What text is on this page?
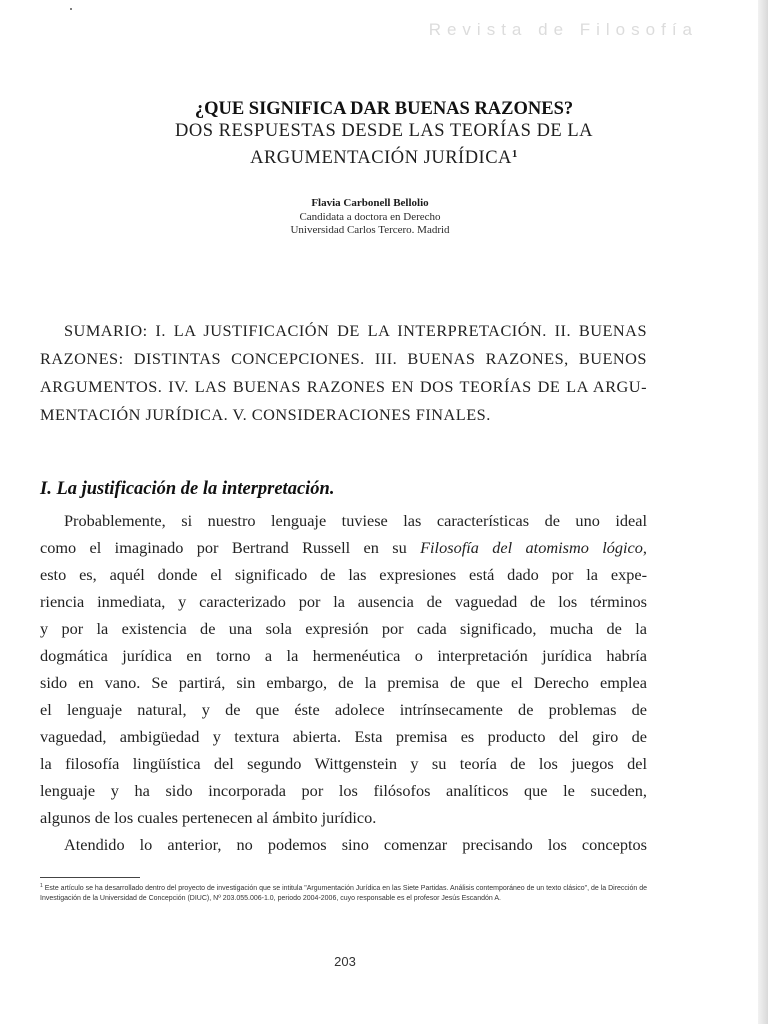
Revista de Filosofía
¿QUE SIGNIFICA DAR BUENAS RAZONES?
DOS RESPUESTAS DESDE LAS TEORÍAS DE LA
ARGUMENTACIÓN JURÍDICA$^1$
Flavia Carbonell Bellolio
Candidata a doctora en Derecho
Universidad Carlos Tercero. Madrid
SUMARIO: I. LA JUSTIFICACIÓN DE LA INTERPRETACIÓN. II. BUENAS
RAZONES: DISTINTAS CONCEPCIONES. III. BUENAS RAZONES, BUENOS
ARGUMENTOS. IV. LAS BUENAS RAZONES EN DOS TEORÍAS DE LA ARGU-
MENTACIÓN JURÍDICA. V. CONSIDERACIONES FINALES.
I. La justificación de la interpretación.
Probablemente, si nuestro lenguaje tuviese las características de uno ideal
como el imaginado por Bertrand Russell en su Filosofía del atomismo lógico,
esto es, aquél donde el significado de las expresiones está dado por la expe-
riencia inmediata, y caracterizado por la ausencia de vaguedad de los términos
y por la existencia de una sola expresión por cada significado, mucha de la
dogmática jurídica en torno a la hermenéutica o interpretación jurídica habría
sido en vano. Se partirá, sin embargo, de la premisa de que el Derecho emplea
el lenguaje natural, y de que éste adolece intrínsecamente de problemas de
vaguedad, ambigüedad y textura abierta. Esta premisa es producto del giro de
la filosofía lingüística del segundo Wittgenstein y su teoría de los juegos del
lenguaje y ha sido incorporada por los filósofos analíticos que le suceden,
algunos de los cuales pertenecen al ámbito jurídico.
Atendido lo anterior, no podemos sino comenzar precisando los conceptos
$^1$ Este artículo se ha desarrollado dentro del proyecto de investigación que se intitula "Argumentación Jurídica en las Siete Partidas. Análisis contemporáneo de un texto clásico", de la Dirección de Investigación de la Universidad de Concepción (DIUC), Nº 203.055.006-1.0, periodo 2004-2006, cuyo responsable es el profesor Jesús Escandón A.
203
